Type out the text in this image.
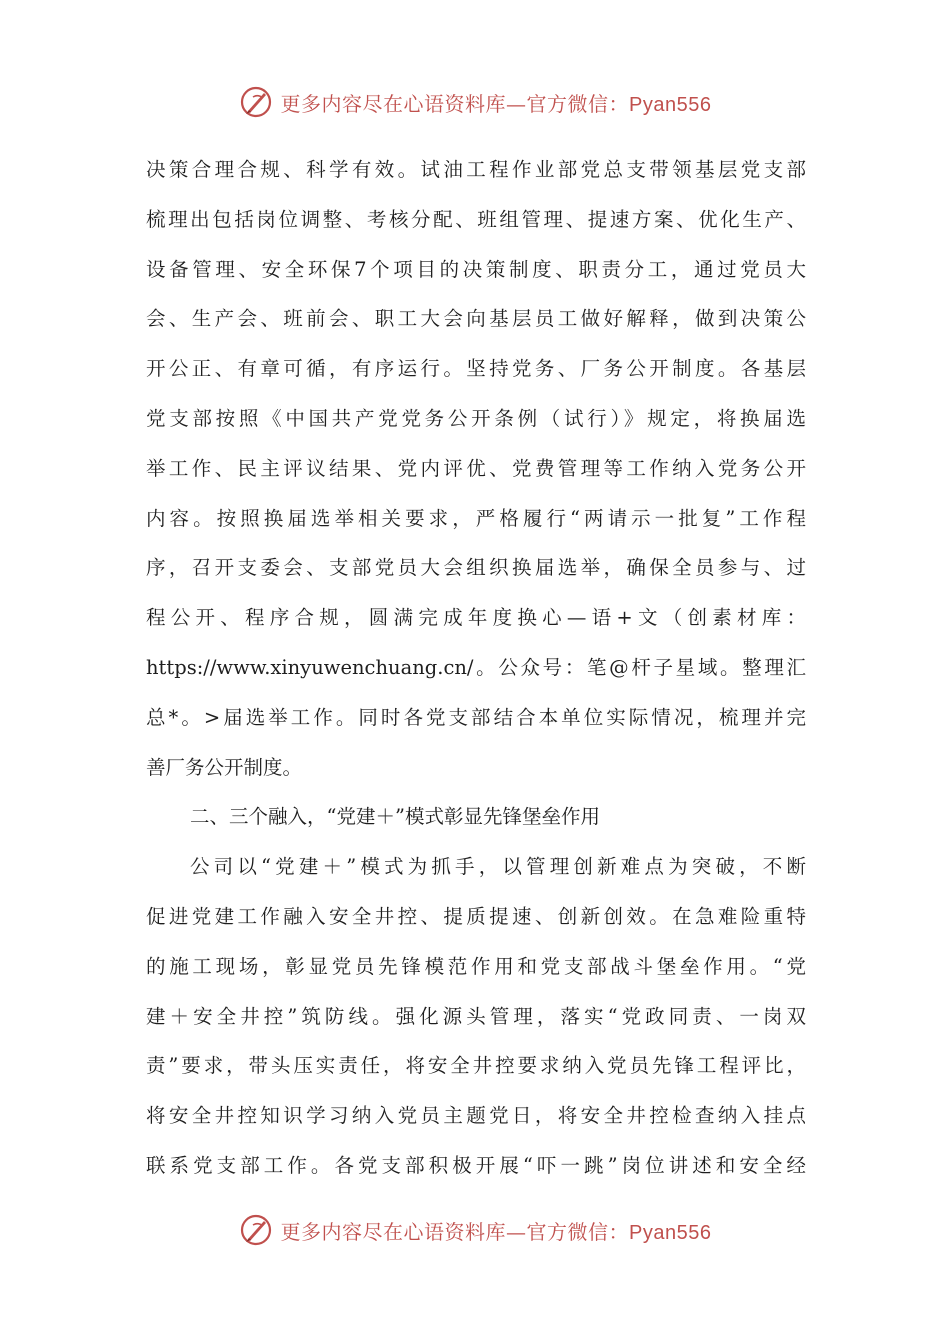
更多内容尽在心语资料库—官方微信：Pyan556
决策合理合规、科学有效。试油工程作业部党总支带领基层党支部
梳理出包括岗位调整、考核分配、班组管理、提速方案、优化生产、
设备管理、安全环保7个项目的决策制度、职责分工，通过党员大
会、生产会、班前会、职工大会向基层员工做好解释，做到决策公
开公正、有章可循，有序运行。坚持党务、厂务公开制度。各基层
党支部按照《中国共产党党务公开条例（试行）》规定，将换届选
举工作、民主评议结果、党内评优、党费管理等工作纳入党务公开
内容。按照换届选举相关要求，严格履行“两请示一批复”工作程
序，召开支委会、支部党员大会组织换届选举，确保全员参与、过
程公开、程序合规，圆满完成年度换心—语+文（创素材库：
https://www.xinyuwenchuang.cn/。公众号：笔@杆子星域。整理汇
总*。>届选举工作。同时各党支部结合本单位实际情况，梳理并完
善厂务公开制度。
二、三个融入，“党建＋”模式彰显先锋堡垒作用
公司以“党建＋”模式为抓手，以管理创新难点为突破，不断
促进党建工作融入安全井控、提质提速、创新创效。在急难险重特
的施工现场，彰显党员先锋模范作用和党支部战斗堡垒作用。“党
建＋安全井控”筑防线。强化源头管理，落实“党政同责、一岗双
责”要求，带头压实责任，将安全井控要求纳入党员先锋工程评比，
将安全井控知识学习纳入党员主题党日，将安全井控检查纳入挂点
联系党支部工作。各党支部积极开展“吓一跳”岗位讲述和安全经
更多内容尽在心语资料库—官方微信：Pyan556
